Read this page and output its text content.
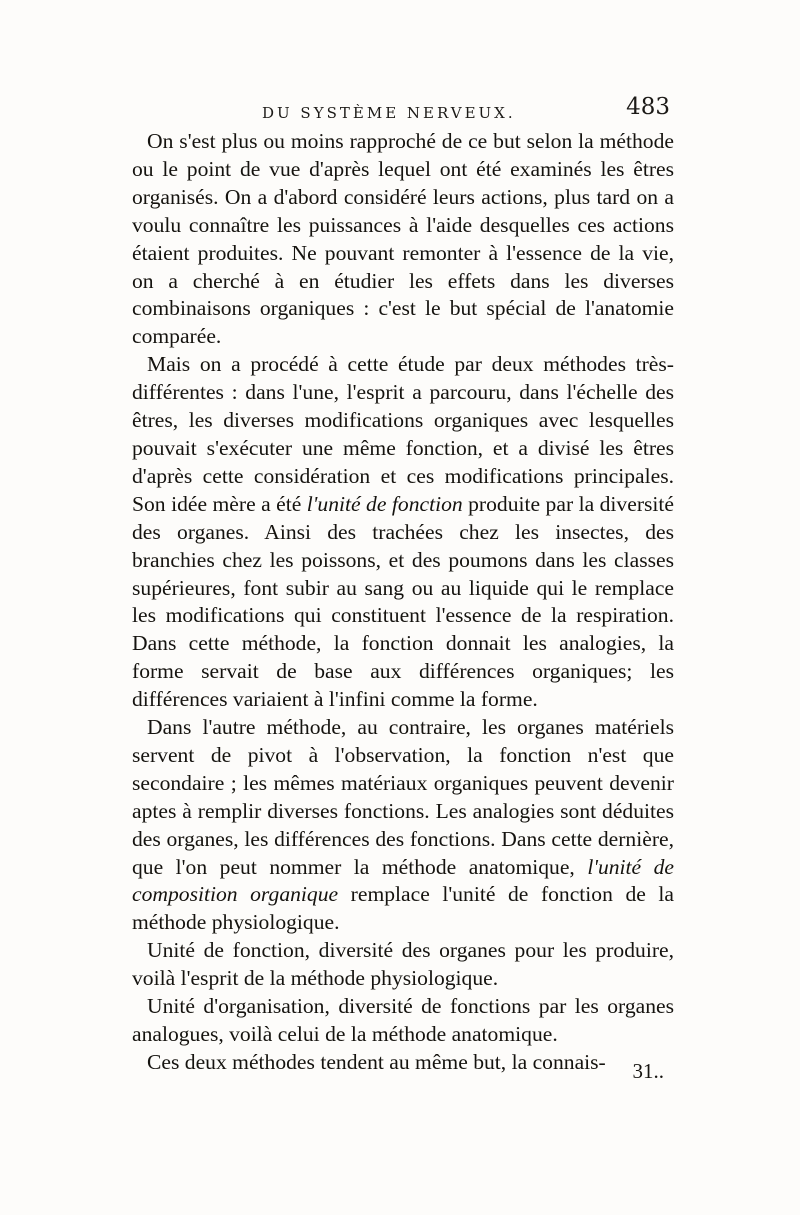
DU SYSTÈME NERVEUX.	483

On s'est plus ou moins rapproché de ce but selon la méthode ou le point de vue d'après lequel ont été examinés les êtres organisés. On a d'abord considéré leurs actions, plus tard on a voulu connaître les puissances à l'aide desquelles ces actions étaient produites. Ne pouvant remonter à l'essence de la vie, on a cherché à en étudier les effets dans les diverses combinaisons organiques : c'est le but spécial de l'anatomie comparée.

Mais on a procédé à cette étude par deux méthodes très-différentes : dans l'une, l'esprit a parcouru, dans l'échelle des êtres, les diverses modifications organiques avec lesquelles pouvait s'exécuter une même fonction, et a divisé les êtres d'après cette considération et ces modifications principales. Son idée mère a été l'unité de fonction produite par la diversité des organes. Ainsi des trachées chez les insectes, des branchies chez les poissons, et des poumons dans les classes supérieures, font subir au sang ou au liquide qui le remplace les modifications qui constituent l'essence de la respiration. Dans cette méthode, la fonction donnait les analogies, la forme servait de base aux différences organiques; les différences variaient à l'infini comme la forme.

Dans l'autre méthode, au contraire, les organes matériels servent de pivot à l'observation, la fonction n'est que secondaire ; les mêmes matériaux organiques peuvent devenir aptes à remplir diverses fonctions. Les analogies sont déduites des organes, les différences des fonctions. Dans cette dernière, que l'on peut nommer la méthode anatomique, l'unité de composition organique remplace l'unité de fonction de la méthode physiologique.

Unité de fonction, diversité des organes pour les produire, voilà l'esprit de la méthode physiologique.

Unité d'organisation, diversité de fonctions par les organes analogues, voilà celui de la méthode anatomique.

Ces deux méthodes tendent au même but, la connais-	31..
